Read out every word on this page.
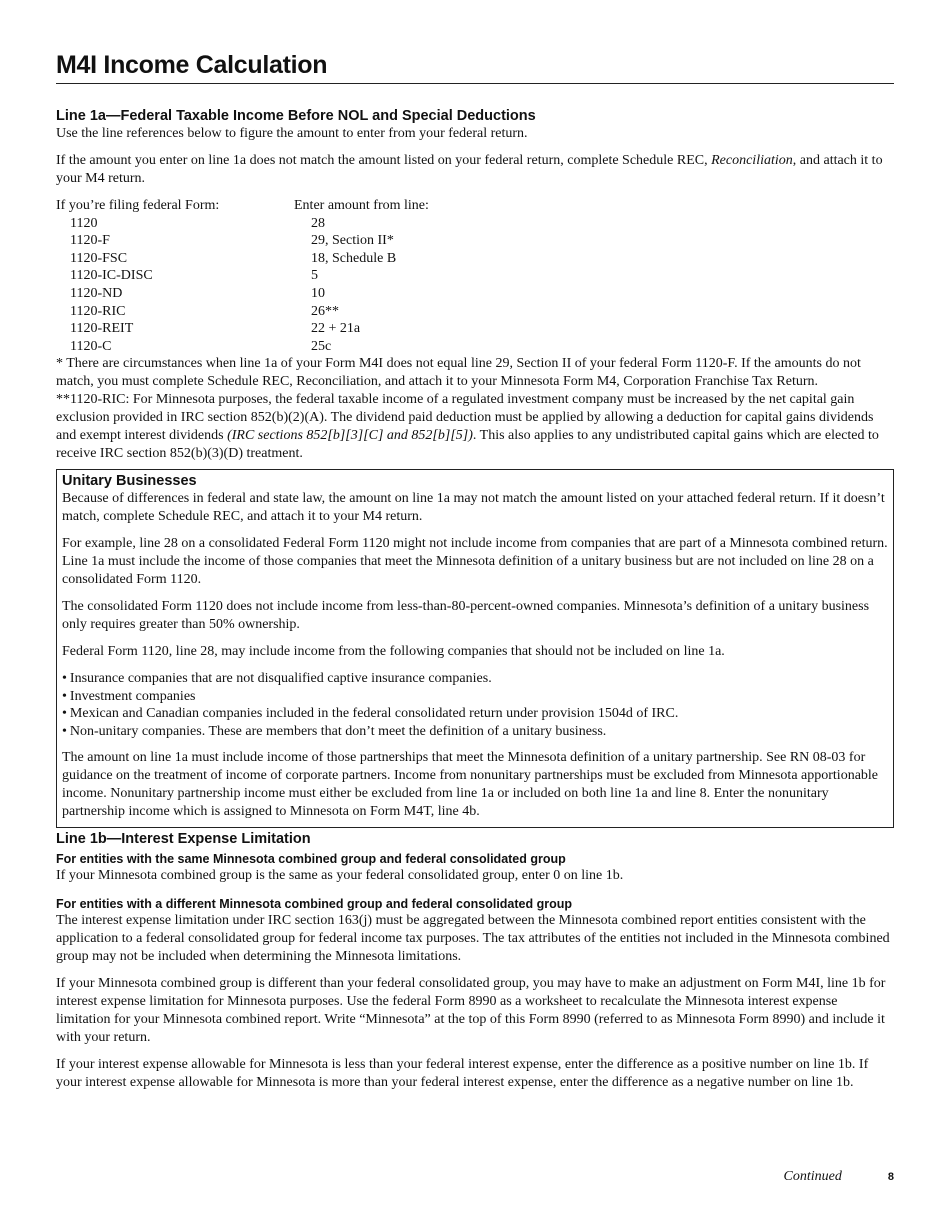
M4I Income Calculation
Line 1a—Federal Taxable Income Before NOL and Special Deductions

Use the line references below to figure the amount to enter from your federal return.

If the amount you enter on line 1a does not match the amount listed on your federal return, complete Schedule REC, Reconciliation, and attach it to your M4 return.

If you’re filing federal Form:	Enter amount from line:
1120	28
1120-F	29, Section II*
1120-FSC	18, Schedule B
1120-IC-DISC	5
1120-ND	10
1120-RIC	26**
1120-REIT	22 + 21a
1120-C	25c

* There are circumstances when line 1a of your Form M4I does not equal line 29, Section II of your federal Form 1120-F. If the amounts do not match, you must complete Schedule REC, Reconciliation, and attach it to your Minnesota Form M4, Corporation Franchise Tax Return.

**1120-RIC: For Minnesota purposes, the federal taxable income of a regulated investment company must be increased by the net capital gain exclusion provided in IRC section 852(b)(2)(A). The dividend paid deduction must be applied by allowing a deduction for capital gains dividends and exempt interest dividends (IRC sections 852[b][3][C] and 852[b][5]). This also applies to any undistributed capital gains which are elected to receive IRC section 852(b)(3)(D) treatment.

Unitary Businesses

Because of differences in federal and state law, the amount on line 1a may not match the amount listed on your attached federal return. If it doesn’t match, complete Schedule REC, and attach it to your M4 return.

For example, line 28 on a consolidated Federal Form 1120 might not include income from companies that are part of a Minnesota combined return. Line 1a must include the income of those companies that meet the Minnesota definition of a unitary business but are not included on line 28 on a consolidated Form 1120.

The consolidated Form 1120 does not include income from less-than-80-percent-owned companies. Minnesota’s definition of a unitary business only requires greater than 50% ownership.

Federal Form 1120, line 28, may include income from the following companies that should not be included on line 1a.

• Insurance companies that are not disqualified captive insurance companies.
• Investment companies
• Mexican and Canadian companies included in the federal consolidated return under provision 1504d of IRC.
• Non-unitary companies. These are members that don’t meet the definition of a unitary business.

The amount on line 1a must include income of those partnerships that meet the Minnesota definition of a unitary partnership. See RN 08-03 for guidance on the treatment of income of corporate partners. Income from nonunitary partnerships must be excluded from Minnesota apportionable income. Nonunitary partnership income must either be excluded from line 1a or included on both line 1a and line 8. Enter the nonunitary partnership income which is assigned to Minnesota on Form M4T, line 4b.

Line 1b—Interest Expense Limitation
For entities with the same Minnesota combined group and federal consolidated group

If your Minnesota combined group is the same as your federal consolidated group, enter 0 on line 1b.

For entities with a different Minnesota combined group and federal consolidated group

The interest expense limitation under IRC section 163(j) must be aggregated between the Minnesota combined report entities consistent with the application to a federal consolidated group for federal income tax purposes. The tax attributes of the entities not included in the Minnesota combined group may not be included when determining the Minnesota limitations.

If your Minnesota combined group is different than your federal consolidated group, you may have to make an adjustment on Form M4I, line 1b for interest expense limitation for Minnesota purposes. Use the federal Form 8990 as a worksheet to recalculate the Minnesota interest expense limitation for your Minnesota combined report. Write “Minnesota” at the top of this Form 8990 (referred to as Minnesota Form 8990) and include it with your return.

If your interest expense allowable for Minnesota is less than your federal interest expense, enter the difference as a positive number on line 1b. If your interest expense allowable for Minnesota is more than your federal interest expense, enter the difference as a negative number on line 1b.

Continued	8
